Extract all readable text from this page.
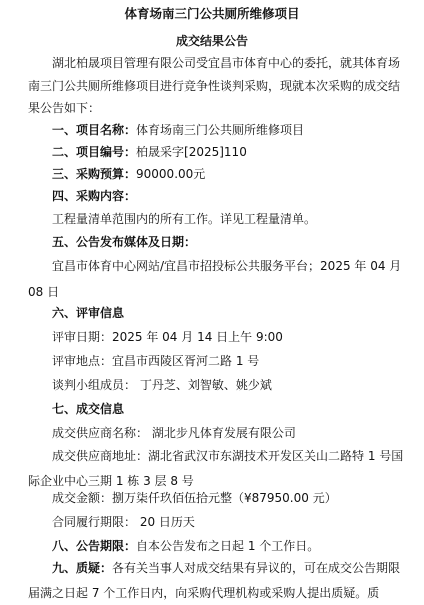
体育场南三门公共厕所维修项目
成交结果公告
湖北柏晟项目管理有限公司受宜昌市体育中心的委托，就其体育场南三门公共厕所维修项目进行竞争性谈判采购，现就本次采购的成交结果公告如下：
一、项目名称：体育场南三门公共厕所维修项目
二、项目编号：柏晟采字[2025]110
三、采购预算：90000.00元
四、采购内容：
工程量清单范围内的所有工作。详见工程量清单。
五、公告发布媒体及日期：
宜昌市体育中心网站/宜昌市招投标公共服务平台；2025 年 04 月 08 日
六、评审信息
评审日期：2025 年 04 月 14 日上午 9:00
评审地点：宜昌市西陵区胥河二路 1 号
谈判小组成员： 丁丹芝、刘智敏、姚少斌
七、成交信息
成交供应商名称： 湖北步凡体育发展有限公司
成交供应商地址：湖北省武汉市东湖技术开发区关山二路特 1 号国际企业中心三期 1 栋 3 层 8 号
成交金额：捌万柒仟玖佰伍拾元整（¥87950.00 元）
合同履行期限： 20 日历天
八、公告期限：自本公告发布之日起 1 个工作日。
九、质疑：各有关当事人对成交结果有异议的，可在成交公告期限届满之日起 7 个工作日内，向采购代理机构或采购人提出质疑。质
